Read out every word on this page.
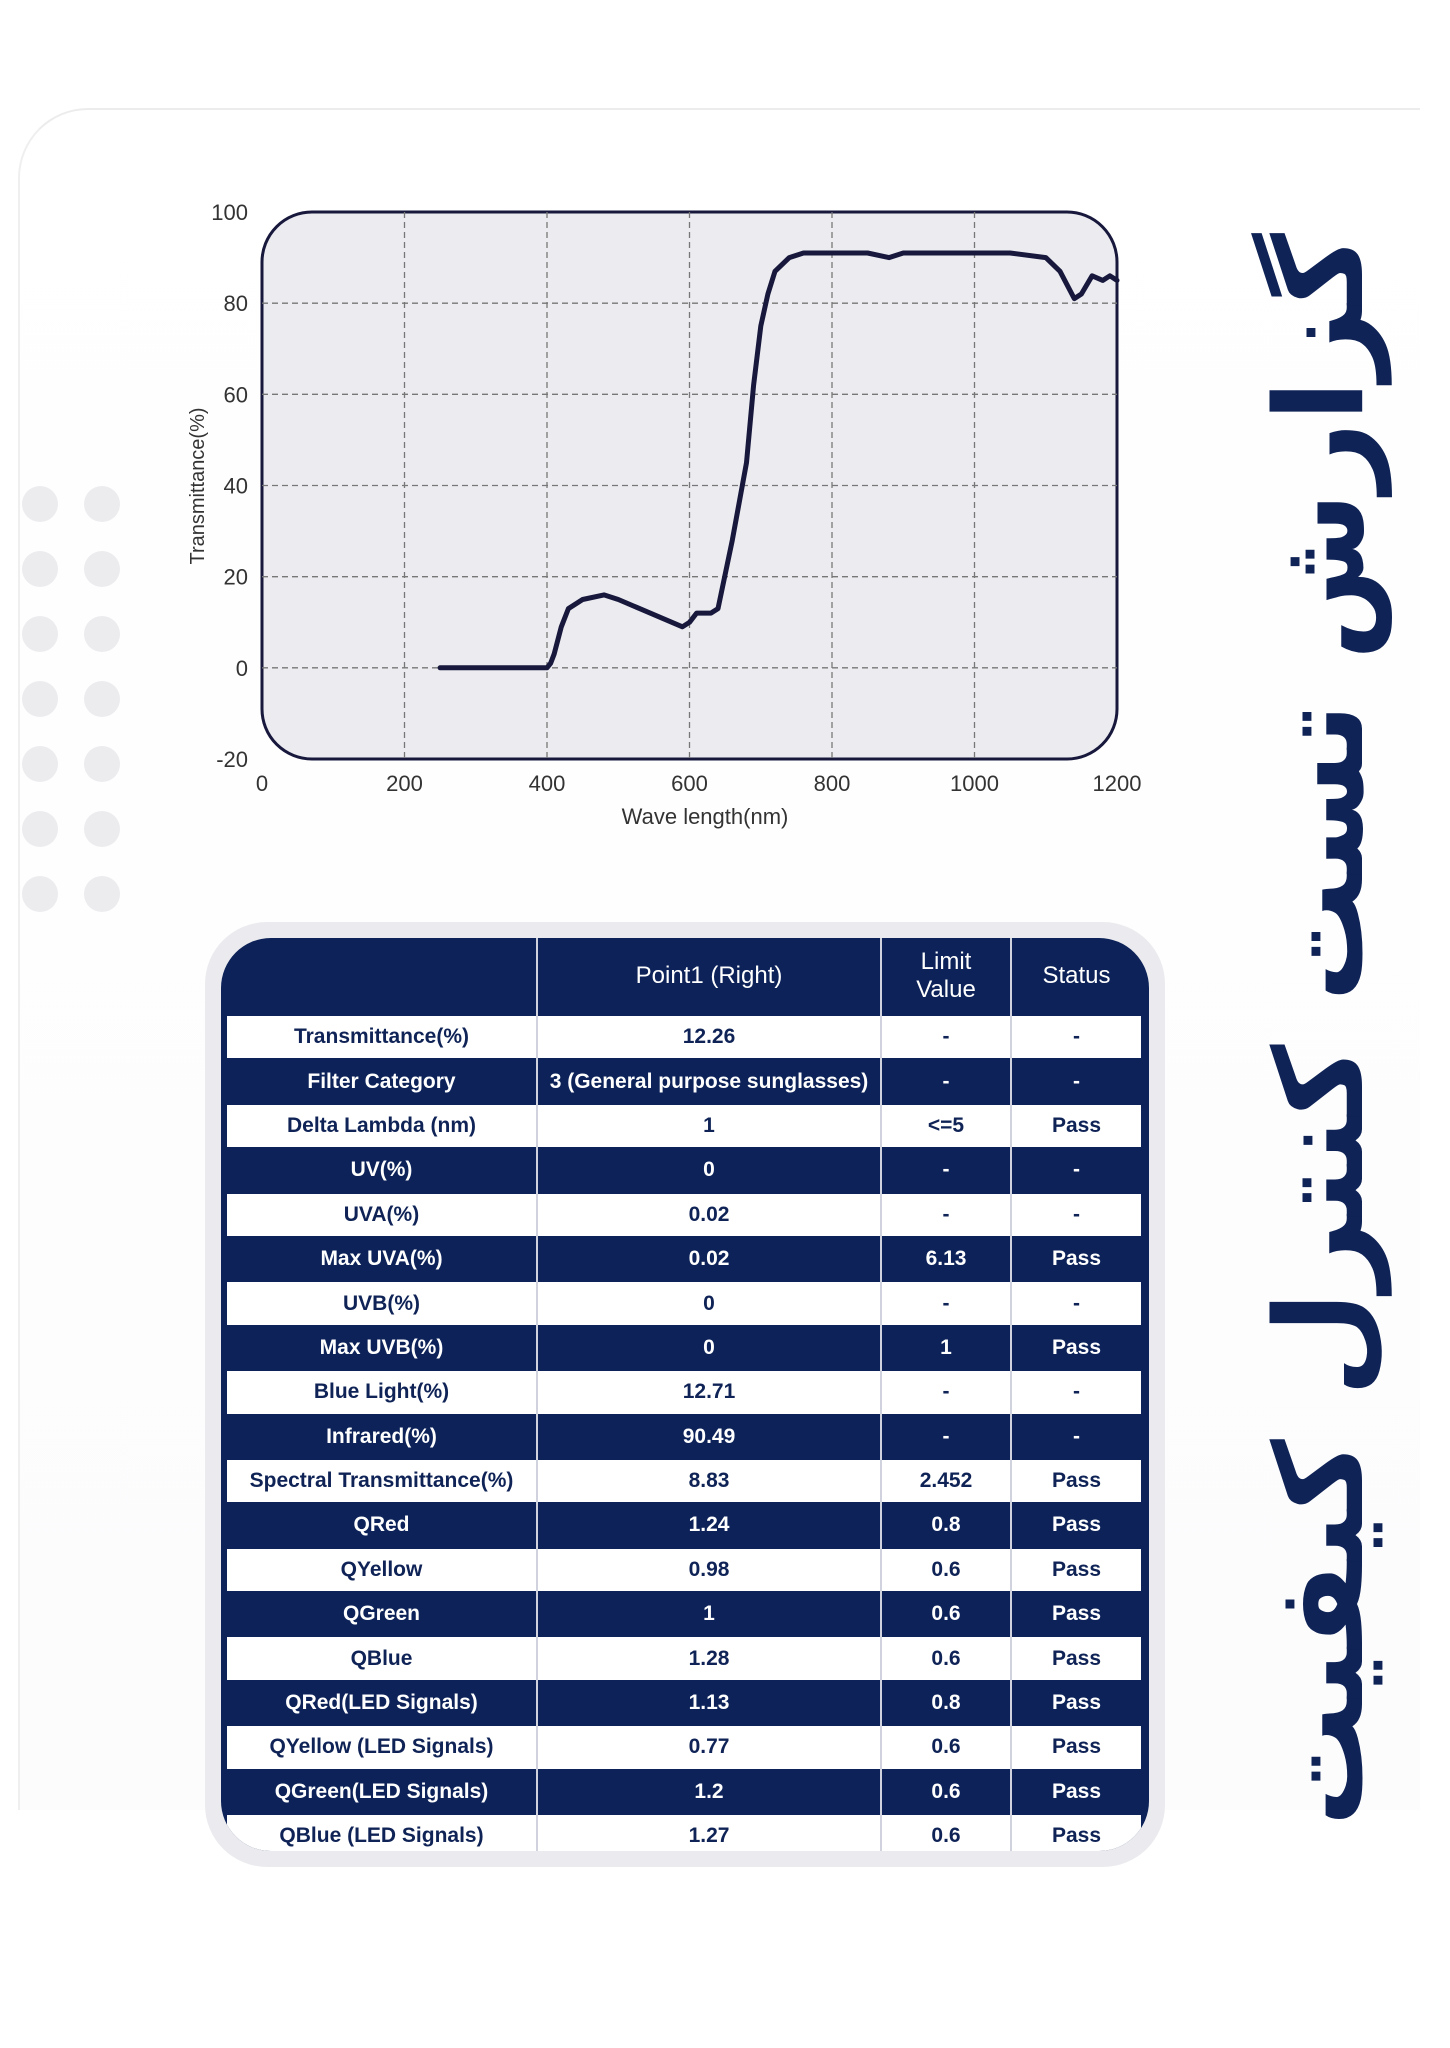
0	200	400	600	800	1000	1200
100
80
60
40
20
0
-20
Wave length(nm)
Transmittance(%)	گزارش تست کنترل کیفیت
	Point1 (Right)	Limit Value	Status
Transmittance(%)	12.26	-	-
Filter Category	3 (General purpose sunglasses)	-	-
Delta Lambda (nm)	1	<=5	Pass
UV(%)	0	-	-
UVA(%)	0.02	-	-
Max UVA(%)	0.02	6.13	Pass
UVB(%)	0	-	-
Max UVB(%)	0	1	Pass
Blue Light(%)	12.71	-	-
Infrared(%)	90.49	-	-
Spectral Transmittance(%)	8.83	2.452	Pass
QRed	1.24	0.8	Pass
QYellow	0.98	0.6	Pass
QGreen	1	0.6	Pass
QBlue	1.28	0.6	Pass
QRed(LED Signals)	1.13	0.8	Pass
QYellow (LED Signals)	0.77	0.6	Pass
QGreen(LED Signals)	1.2	0.6	Pass
QBlue (LED Signals)	1.27	0.6	Pass
